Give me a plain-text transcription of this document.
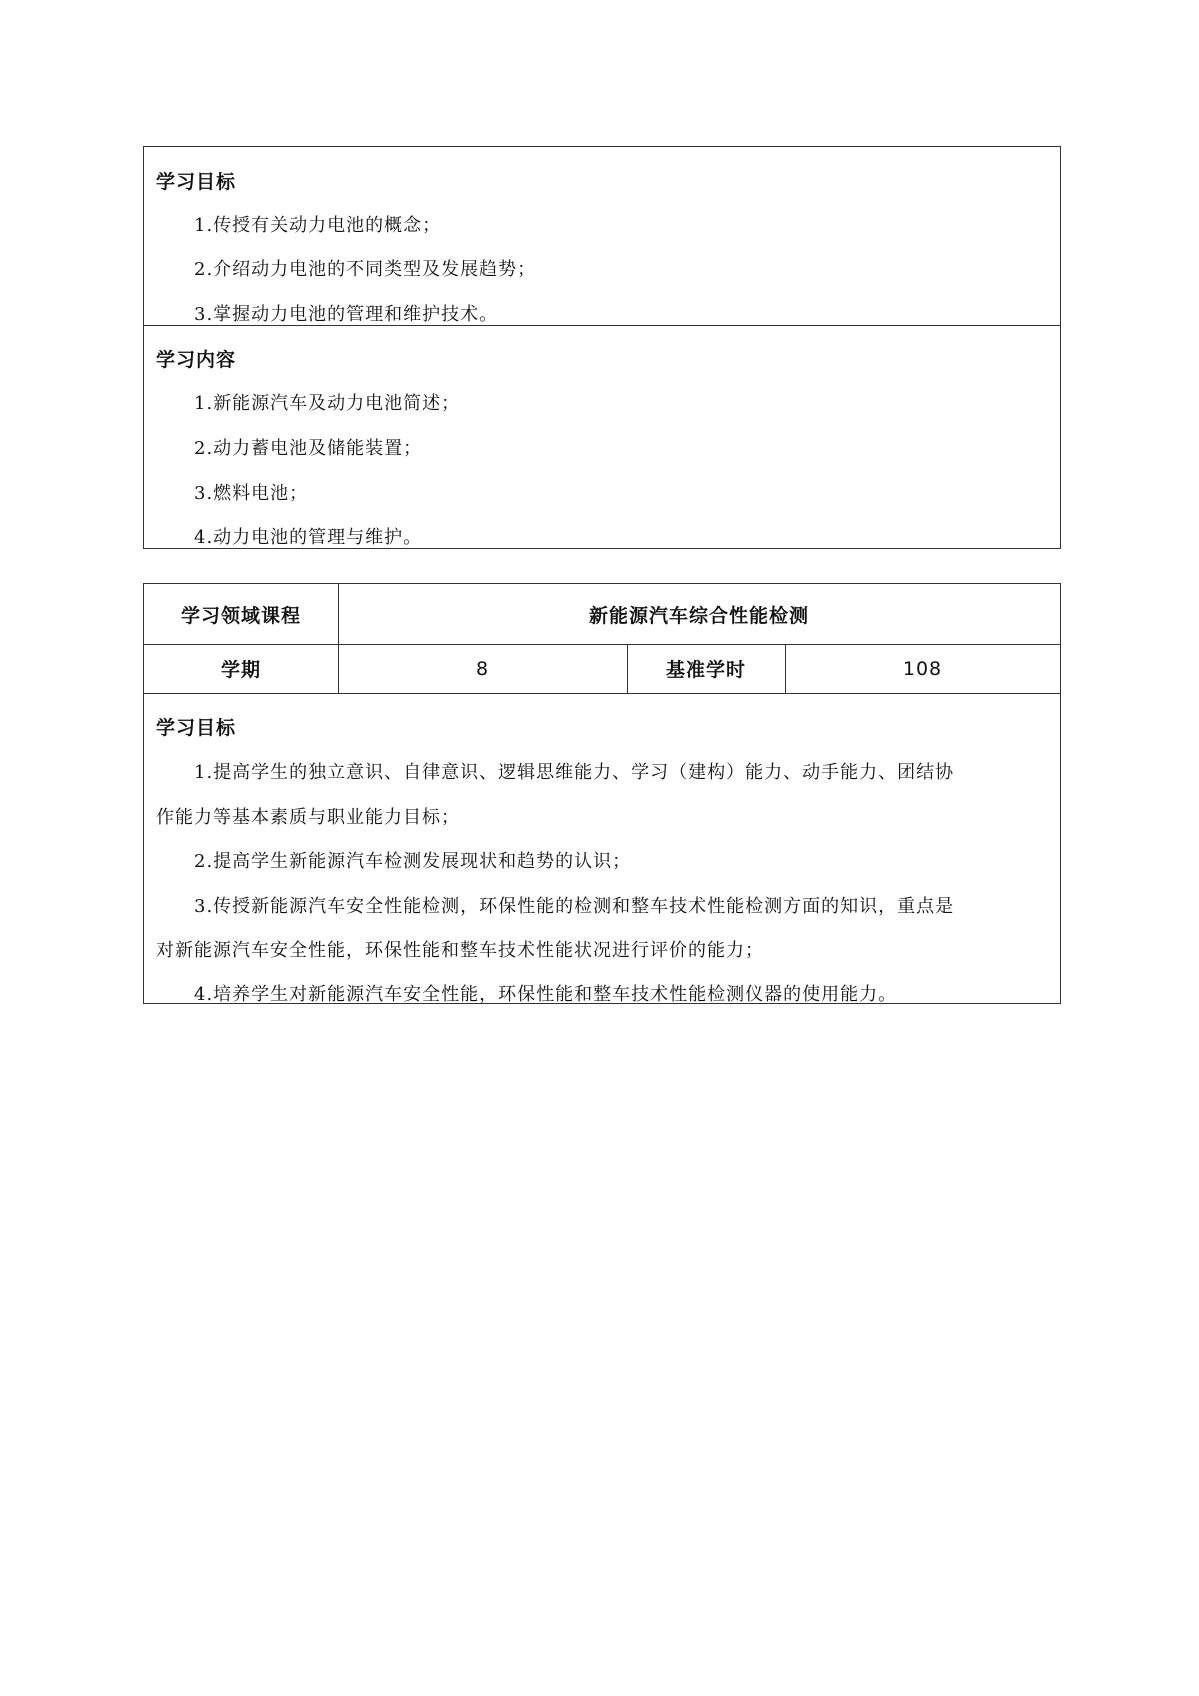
学习目标
1.传授有关动力电池的概念；
2.介绍动力电池的不同类型及发展趋势；
3.掌握动力电池的管理和维护技术。
学习内容
1.新能源汽车及动力电池简述；
2.动力蓄电池及储能装置；
3.燃料电池；
4.动力电池的管理与维护。
学习领域课程	新能源汽车综合性能检测
学期	8	基准学时	108
学习目标
1.提高学生的独立意识、自律意识、逻辑思维能力、学习（建构）能力、动手能力、团结协
作能力等基本素质与职业能力目标；
2.提高学生新能源汽车检测发展现状和趋势的认识；
3.传授新能源汽车安全性能检测，环保性能的检测和整车技术性能检测方面的知识，重点是
对新能源汽车安全性能，环保性能和整车技术性能状况进行评价的能力；
4.培养学生对新能源汽车安全性能，环保性能和整车技术性能检测仪器的使用能力。
